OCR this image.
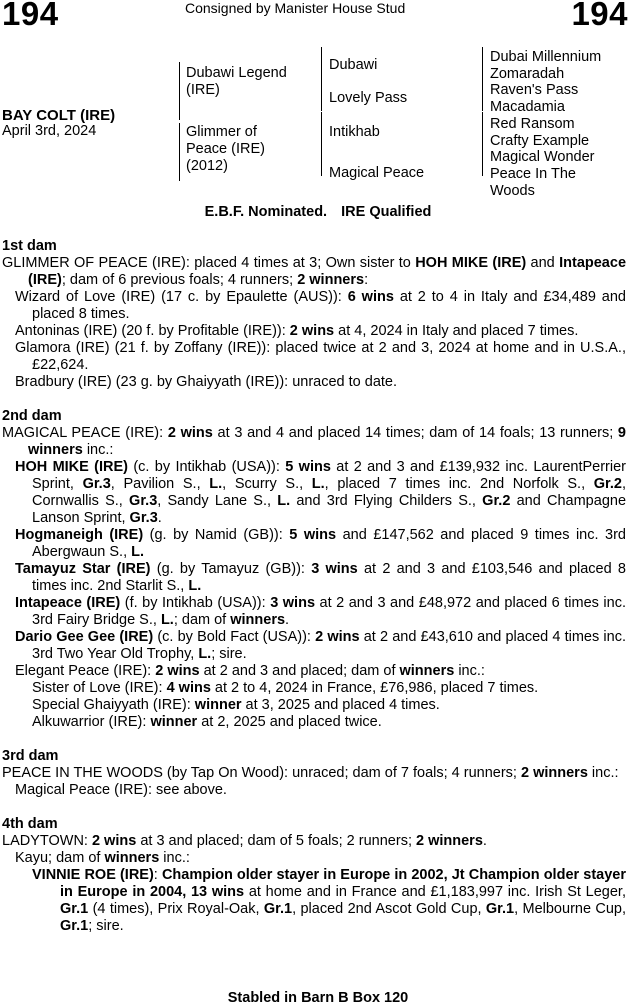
194	Consigned by Manister House Stud	194
BAY COLT (IRE)
April 3rd, 2024
Dubawi Legend (IRE)
Glimmer of Peace (IRE) (2012)
Dubawi
Lovely Pass
Intikhab
Magical Peace
Dubai Millennium
Zomaradah
Raven's Pass
Macadamia
Red Ransom
Crafty Example
Magical Wonder
Peace In The Woods
E.B.F. Nominated. IRE Qualified

1st dam

GLIMMER OF PEACE (IRE): placed 4 times at 3; Own sister to HOH MIKE (IRE) and Intapeace (IRE); dam of 6 previous foals; 4 runners; 2 winners:

Wizard of Love (IRE) (17 c. by Epaulette (AUS)): 6 wins at 2 to 4 in Italy and £34,489 and placed 8 times.

Antoninas (IRE) (20 f. by Profitable (IRE)): 2 wins at 4, 2024 in Italy and placed 7 times.

Glamora (IRE) (21 f. by Zoffany (IRE)): placed twice at 2 and 3, 2024 at home and in U.S.A., £22,624.

Bradbury (IRE) (23 g. by Ghaiyyath (IRE)): unraced to date.

2nd dam

MAGICAL PEACE (IRE): 2 wins at 3 and 4 and placed 14 times; dam of 14 foals; 13 runners; 9 winners inc.:

HOH MIKE (IRE) (c. by Intikhab (USA)): 5 wins at 2 and 3 and £139,932 inc. LaurentPerrier Sprint, Gr.3, Pavilion S., L., Scurry S., L., placed 7 times inc. 2nd Norfolk S., Gr.2, Cornwallis S., Gr.3, Sandy Lane S., L. and 3rd Flying Childers S., Gr.2 and Champagne Lanson Sprint, Gr.3.

Hogmaneigh (IRE) (g. by Namid (GB)): 5 wins and £147,562 and placed 9 times inc. 3rd Abergwaun S., L.

Tamayuz Star (IRE) (g. by Tamayuz (GB)): 3 wins at 2 and 3 and £103,546 and placed 8 times inc. 2nd Starlit S., L.

Intapeace (IRE) (f. by Intikhab (USA)): 3 wins at 2 and 3 and £48,972 and placed 6 times inc. 3rd Fairy Bridge S., L.; dam of winners.

Dario Gee Gee (IRE) (c. by Bold Fact (USA)): 2 wins at 2 and £43,610 and placed 4 times inc. 3rd Two Year Old Trophy, L.; sire.

Elegant Peace (IRE): 2 wins at 2 and 3 and placed; dam of winners inc.:

Sister of Love (IRE): 4 wins at 2 to 4, 2024 in France, £76,986, placed 7 times.

Special Ghaiyyath (IRE): winner at 3, 2025 and placed 4 times.

Alkuwarrior (IRE): winner at 2, 2025 and placed twice.

3rd dam

PEACE IN THE WOODS (by Tap On Wood): unraced; dam of 7 foals; 4 runners; 2 winners inc.:

Magical Peace (IRE): see above.

4th dam

LADYTOWN: 2 wins at 3 and placed; dam of 5 foals; 2 runners; 2 winners.

Kayu; dam of winners inc.:

VINNIE ROE (IRE): Champion older stayer in Europe in 2002, Jt Champion older stayer in Europe in 2004, 13 wins at home and in France and £1,183,997 inc. Irish St Leger, Gr.1 (4 times), Prix Royal-Oak, Gr.1, placed 2nd Ascot Gold Cup, Gr.1, Melbourne Cup, Gr.1; sire.

Stabled in Barn B Box 120
